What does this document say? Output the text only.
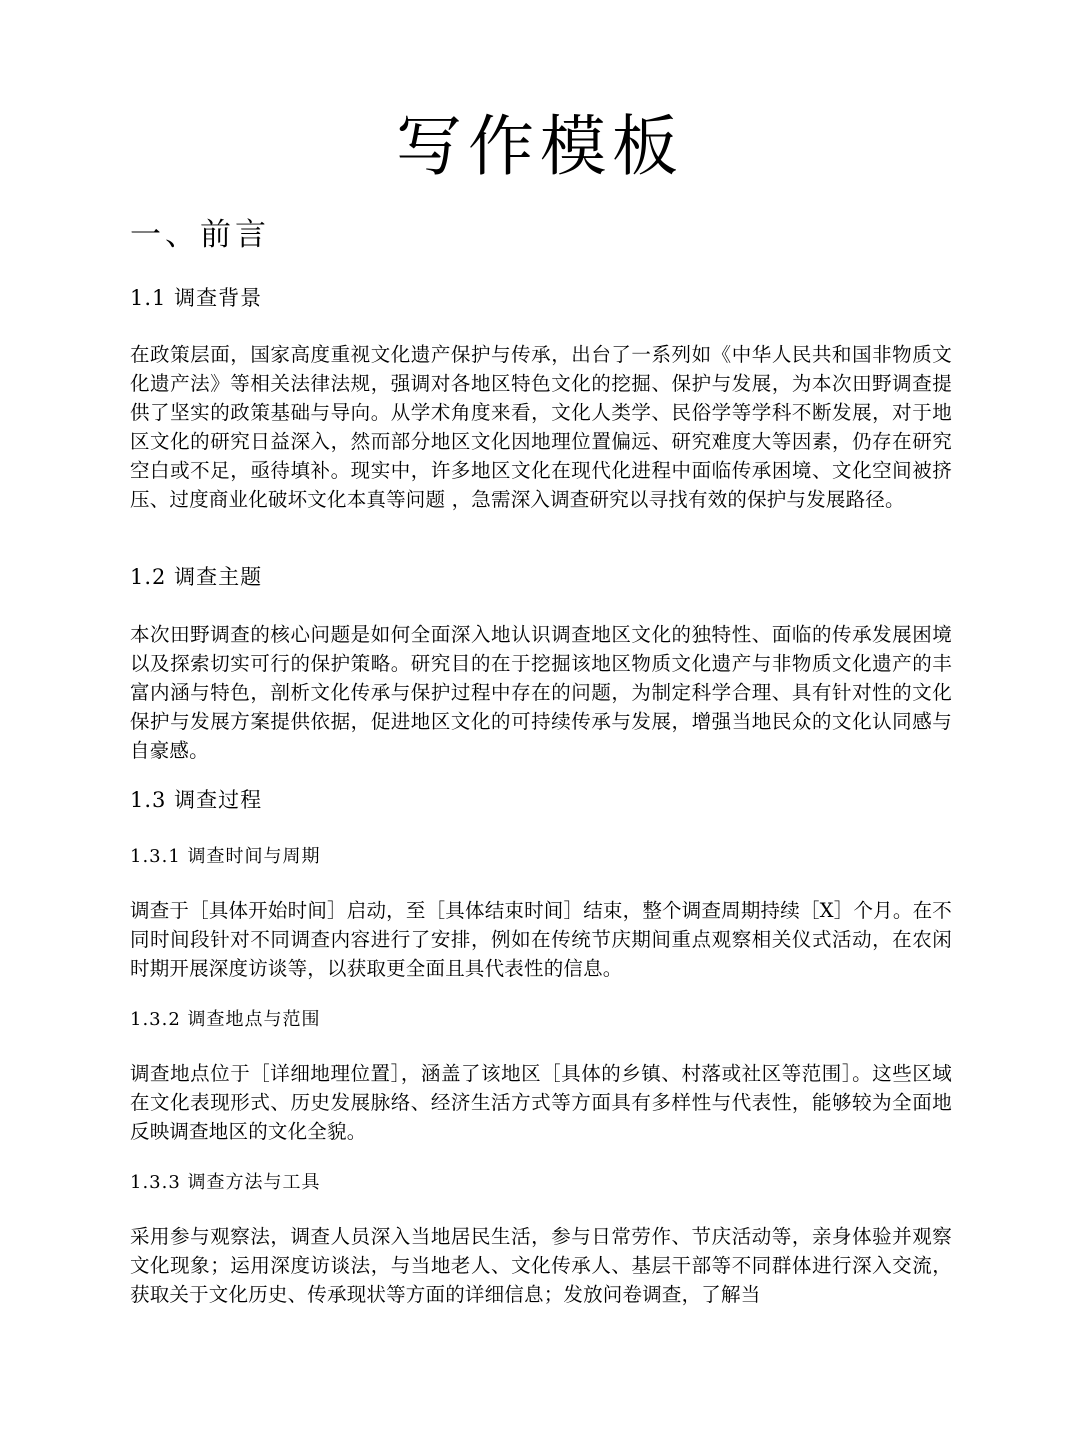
写作模板
一、前言
1.1 调查背景

在政策层面，国家高度重视文化遗产保护与传承，出台了一系列如《中华人民共和国非物质文化遗产法》等相关法律法规，强调对各地区特色文化的挖掘、保护与发展，为本次田野调查提供了坚实的政策基础与导向。从学术角度来看，文化人类学、民俗学等学科不断发展，对于地区文化的研究日益深入，然而部分地区文化因地理位置偏远、研究难度大等因素，仍存在研究空白或不足，亟待填补。现实中，许多地区文化在现代化进程中面临传承困境、文化空间被挤压、过度商业化破坏文化本真等问题 ，急需深入调查研究以寻找有效的保护与发展路径。

1.2 调查主题

本次田野调查的核心问题是如何全面深入地认识调查地区文化的独特性、面临的传承发展困境以及探索切实可行的保护策略。研究目的在于挖掘该地区物质文化遗产与非物质文化遗产的丰富内涵与特色，剖析文化传承与保护过程中存在的问题，为制定科学合理、具有针对性的文化保护与发展方案提供依据，促进地区文化的可持续传承与发展，增强当地民众的文化认同感与自豪感。

1.3 调查过程
1.3.1 调查时间与周期

调查于［具体开始时间］启动，至［具体结束时间］结束，整个调查周期持续［X］个月。在不同时间段针对不同调查内容进行了安排，例如在传统节庆期间重点观察相关仪式活动，在农闲时期开展深度访谈等，以获取更全面且具代表性的信息。

1.3.2 调查地点与范围

调查地点位于［详细地理位置］，涵盖了该地区［具体的乡镇、村落或社区等范围］。这些区域在文化表现形式、历史发展脉络、经济生活方式等方面具有多样性与代表性，能够较为全面地反映调查地区的文化全貌。

1.3.3 调查方法与工具

采用参与观察法，调查人员深入当地居民生活，参与日常劳作、节庆活动等，亲身体验并观察文化现象；运用深度访谈法，与当地老人、文化传承人、基层干部等不同群体进行深入交流，获取关于文化历史、传承现状等方面的详细信息；发放问卷调查，了解当
